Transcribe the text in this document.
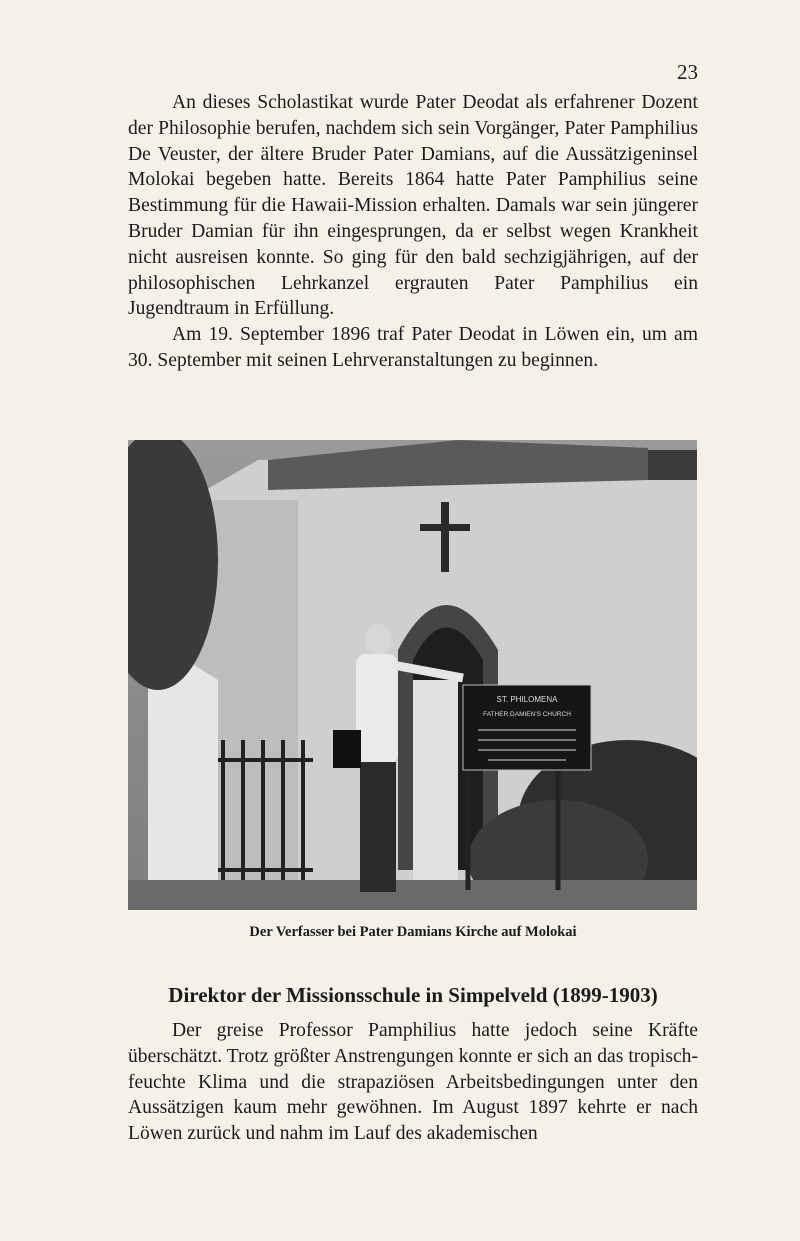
23

An dieses Scholastikat wurde Pater Deodat als erfahrener Dozent der Philosophie berufen, nachdem sich sein Vorgänger, Pater Pamphilius De Veuster, der ältere Bruder Pater Damians, auf die Aussätzigeninsel Molokai begeben hatte. Bereits 1864 hatte Pater Pamphilius seine Bestimmung für die Hawaii-Mission erhalten. Damals war sein jüngerer Bruder Damian für ihn eingesprungen, da er selbst wegen Krankheit nicht ausreisen konnte. So ging für den bald sechzigjährigen, auf der philosophischen Lehrkanzel ergrauten Pater Pamphilius ein Jugendtraum in Erfüllung.

Am 19. September 1896 traf Pater Deodat in Löwen ein, um am 30. September mit seinen Lehrveranstaltungen zu beginnen.

ST. PHILOMENA
FATHER DAMIEN'S CHURCH
Der Verfasser bei Pater Damians Kirche auf Molokai
Direktor der Missionsschule in Simpelveld (1899-1903)

Der greise Professor Pamphilius hatte jedoch seine Kräfte überschätzt. Trotz größter Anstrengungen konnte er sich an das tropisch-feuchte Klima und die strapaziösen Arbeitsbedingungen unter den Aussätzigen kaum mehr gewöhnen. Im August 1897 kehrte er nach Löwen zurück und nahm im Lauf des akademischen
